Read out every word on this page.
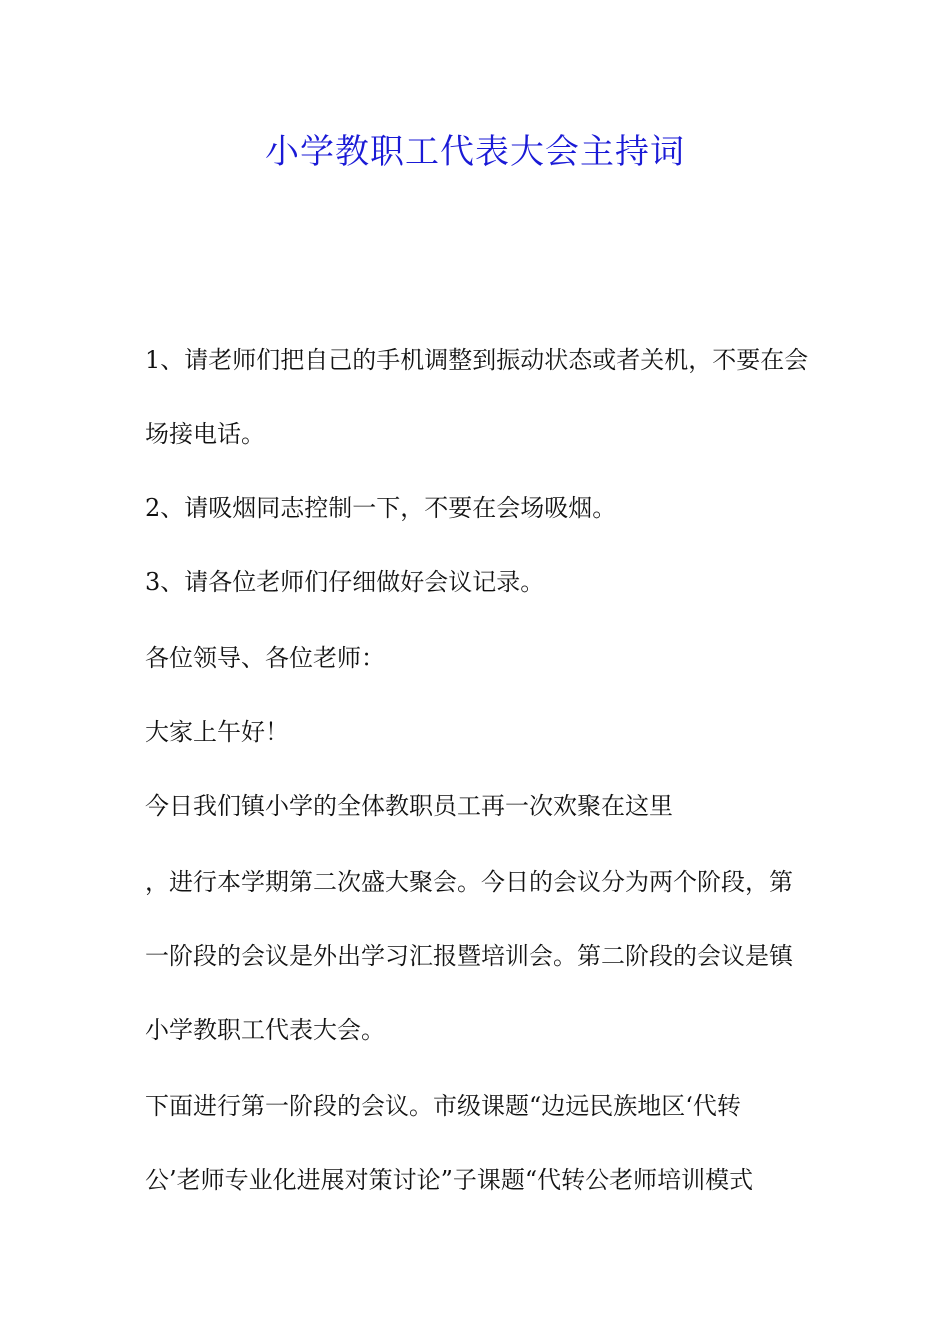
小学教职工代表大会主持词

1、请老师们把自己的手机调整到振动状态或者关机，不要在会

场接电话。

2、请吸烟同志控制一下，不要在会场吸烟。

3、请各位老师们仔细做好会议记录。

各位领导、各位老师：

大家上午好！

今日我们镇小学的全体教职员工再一次欢聚在这里

，进行本学期第二次盛大聚会。今日的会议分为两个阶段，第

一阶段的会议是外出学习汇报暨培训会。第二阶段的会议是镇

小学教职工代表大会。

下面进行第一阶段的会议。市级课题“边远民族地区‘代转

公’老师专业化进展对策讨论”子课题“代转公老师培训模式
